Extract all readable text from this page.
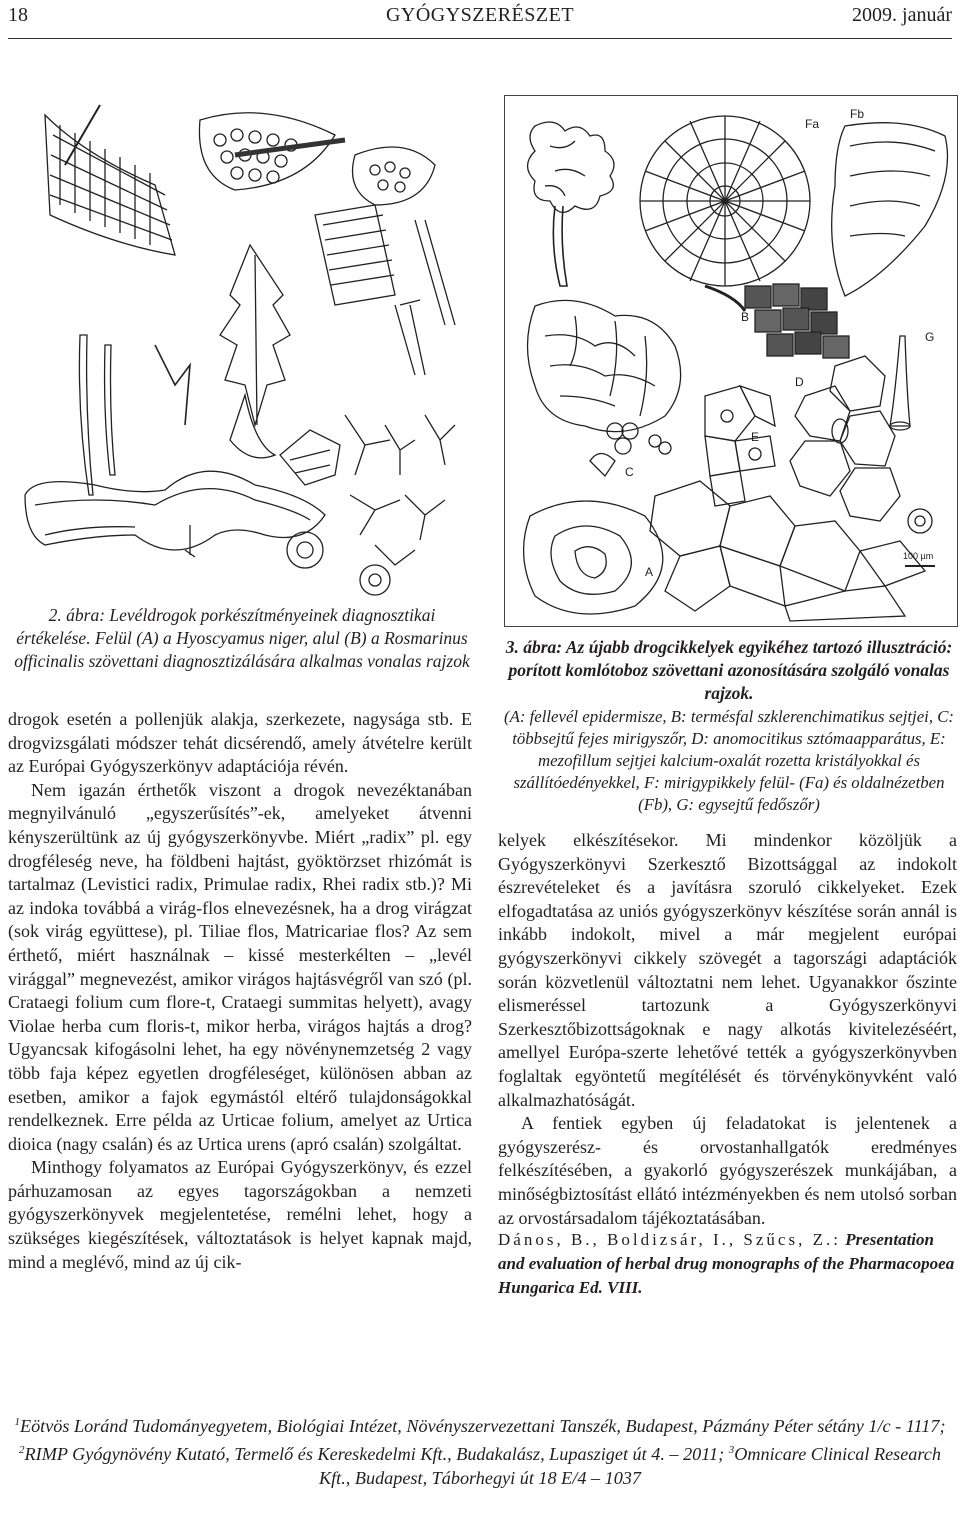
18	GYÓGYSZERÉSZET	2009. január
Fa
Fb
G
B
D
E
C
A
100 µm
2. ábra: Levéldrogok porkészítményeinek diagnosztikai értékelése. Felül (A) a Hyoscyamus niger, alul (B) a Rosmarinus officinalis szövettani diagnosztizálására alkalmas vonalas rajzok
3. ábra: Az újabb drogcikkelyek egyikéhez tartozó illusztráció: porított komlótoboz szövettani azonosítására szolgáló vonalas rajzok.
(A: fellevél epidermisze, B: termésfal szklerenchimatikus sejtjei, C: többsejtű fejes mirigyszőr, D: anomocitikus sztómaapparátus, E: mezofillum sejtjei kalcium-oxalát rozetta kristályokkal és szállítóedényekkel, F: mirigypikkely felül- (Fa) és oldalnézetben (Fb), G: egysejtű fedőszőr)

drogok esetén a pollenjük alakja, szerkezete, nagysága stb. E drogvizsgálati módszer tehát dicsérendő, amely átvételre került az Európai Gyógyszerkönyv adaptációja révén.

Nem igazán érthetők viszont a drogok nevezéktanában megnyilvánuló „egyszerűsítés”-ek, amelyeket átvenni kényszerültünk az új gyógyszerkönyvbe. Miért „radix” pl. egy drogféleség neve, ha földbeni hajtást, gyöktörzset rhizómát is tartalmaz (Levistici radix, Primulae radix, Rhei radix stb.)? Mi az indoka továbbá a virág-flos elnevezésnek, ha a drog virágzat (sok virág együttese), pl. Tiliae flos, Matricariae flos? Az sem érthető, miért használnak – kissé mesterkélten – „levél virággal” megnevezést, amikor virágos hajtásvégről van szó (pl. Crataegi folium cum flore-t, Crataegi summitas helyett), avagy Violae herba cum floris-t, mikor herba, virágos hajtás a drog? Ugyancsak kifogásolni lehet, ha egy növénynemzetség 2 vagy több faja képez egyetlen drogféleséget, különösen abban az esetben, amikor a fajok egymástól eltérő tulajdonságokkal rendelkeznek. Erre példa az Urticae folium, amelyet az Urtica dioica (nagy csalán) és az Urtica urens (apró csalán) szolgáltat.

Minthogy folyamatos az Európai Gyógyszerkönyv, és ezzel párhuzamosan az egyes tagországokban a nemzeti gyógyszerkönyvek megjelentetése, remélni lehet, hogy a szükséges kiegészítések, változtatások is helyet kapnak majd, mind a meglévő, mind az új cik-

kelyek elkészítésekor. Mi mindenkor közöljük a Gyógyszerkönyvi Szerkesztő Bizottsággal az indokolt észrevételeket és a javításra szoruló cikkelyeket. Ezek elfogadtatása az uniós gyógyszerkönyv készítése során annál is inkább indokolt, mivel a már megjelent európai gyógyszerkönyvi cikkely szövegét a tagországi adaptációk során közvetlenül változtatni nem lehet. Ugyanakkor őszinte elismeréssel tartozunk a Gyógyszerkönyvi Szerkesztőbizottságoknak e nagy alkotás kivitelezéséért, amellyel Európa-szerte lehetővé tették a gyógyszerkönyvben foglaltak egyöntetű megítélését és törvénykönyvként való alkalmazhatóságát.

A fentiek egyben új feladatokat is jelentenek a gyógyszerész- és orvostanhallgatók eredményes felkészítésében, a gyakorló gyógyszerészek munkájában, a minőségbiztosítást ellátó intézményekben és nem utolsó sorban az orvostársadalom tájékoztatásában.

Dános, B., Boldizsár, I., Szűcs, Z.: Presentation and evaluation of herbal drug monographs of the Pharmacopoea Hungarica Ed. VIII.
$^1$Eötvös Loránd Tudományegyetem, Biológiai Intézet, Növényszervezettani Tanszék, Budapest, Pázmány Péter sétány 1/c - 1117; $^2$RIMP Gyógynövény Kutató, Termelő és Kereskedelmi Kft., Budakalász, Lupasziget út 4. – 2011; $^3$Omnicare Clinical Research Kft., Budapest, Táborhegyi út 18 E/4 – 1037
